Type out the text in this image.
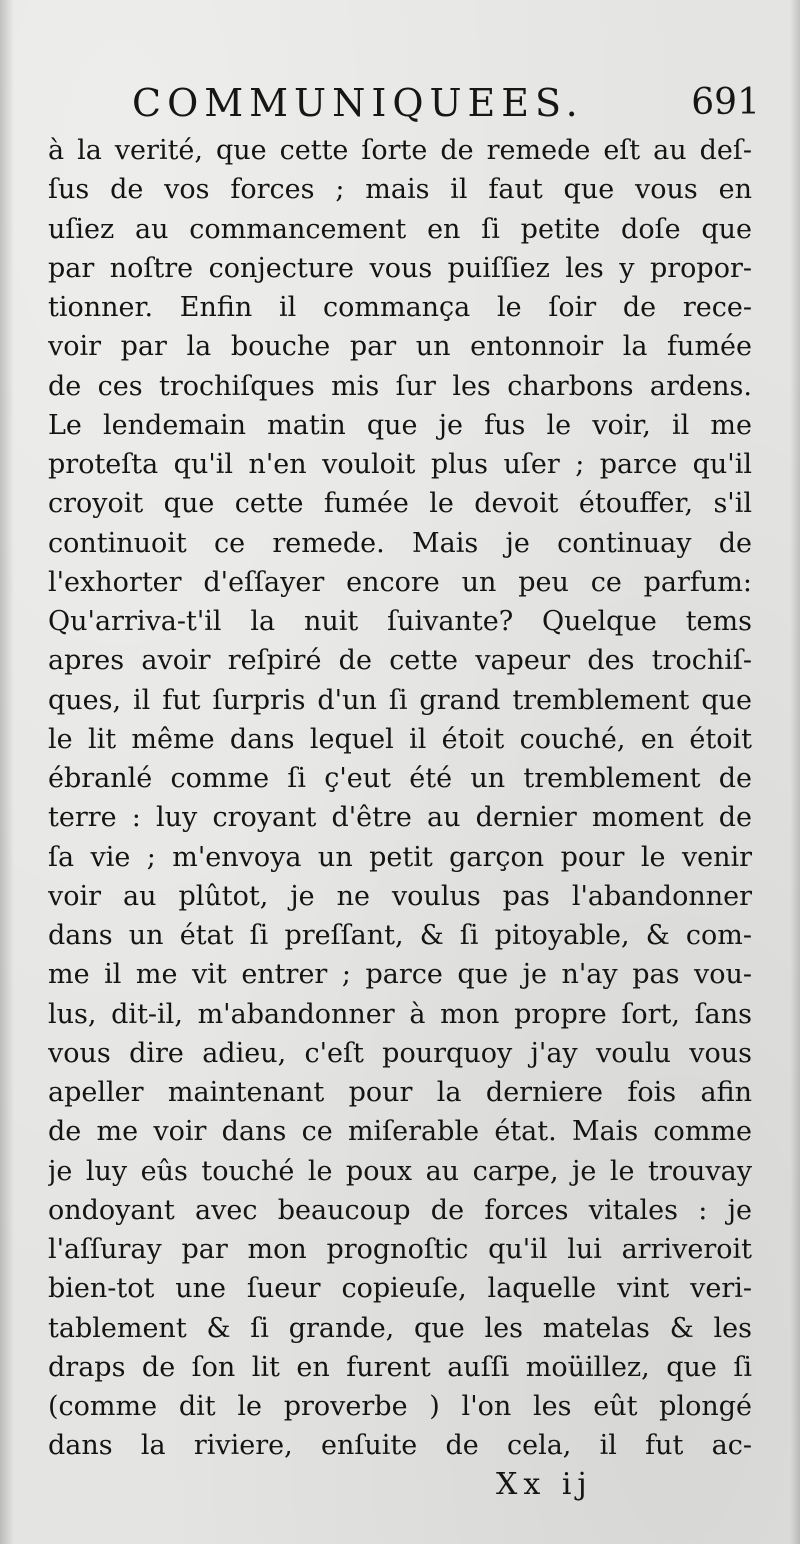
COMMUNIQUEES.	691
à la verité, que cette ſorte de remede eſt au deſ-
ſus de vos forces ; mais il faut que vous en
uſiez au commancement en ſi petite doſe que
par noſtre conjecture vous puiſſiez les y propor-
tionner. Enfin il commança le ſoir de rece-
voir par la bouche par un entonnoir la fumée
de ces trochiſques mis ſur les charbons ardens.
Le lendemain matin que je fus le voir, il me
proteſta qu'il n'en vouloit plus uſer ; parce qu'il
croyoit que cette fumée le devoit étouffer, s'il
continuoit ce remede. Mais je continuay de
l'exhorter d'eſſayer encore un peu ce parfum:
Qu'arriva-t'il la nuit ſuivante? Quelque tems
apres avoir reſpiré de cette vapeur des trochiſ-
ques, il fut ſurpris d'un ſi grand tremblement que
le lit même dans lequel il étoit couché, en étoit
ébranlé comme ſi ç'eut été un tremblement de
terre : luy croyant d'être au dernier moment de
ſa vie ; m'envoya un petit garçon pour le venir
voir au plûtot, je ne voulus pas l'abandonner
dans un état ſi preſſant, & ſi pitoyable, & com-
me il me vit entrer ; parce que je n'ay pas vou-
lus, dit-il, m'abandonner à mon propre ſort, ſans
vous dire adieu, c'eſt pourquoy j'ay voulu vous
apeller maintenant pour la derniere fois afin
de me voir dans ce miſerable état. Mais comme
je luy eûs touché le poux au carpe, je le trouvay
ondoyant avec beaucoup de forces vitales : je
l'aſſuray par mon prognoſtic qu'il lui arriveroit
bien-tot une ſueur copieuſe, laquelle vint veri-
tablement & ſi grande, que les matelas & les
draps de ſon lit en furent auſſi moüillez, que ſi
(comme dit le proverbe ) l'on les eût plongé
dans la riviere, enſuite de cela, il fut ac-
Xx ij
